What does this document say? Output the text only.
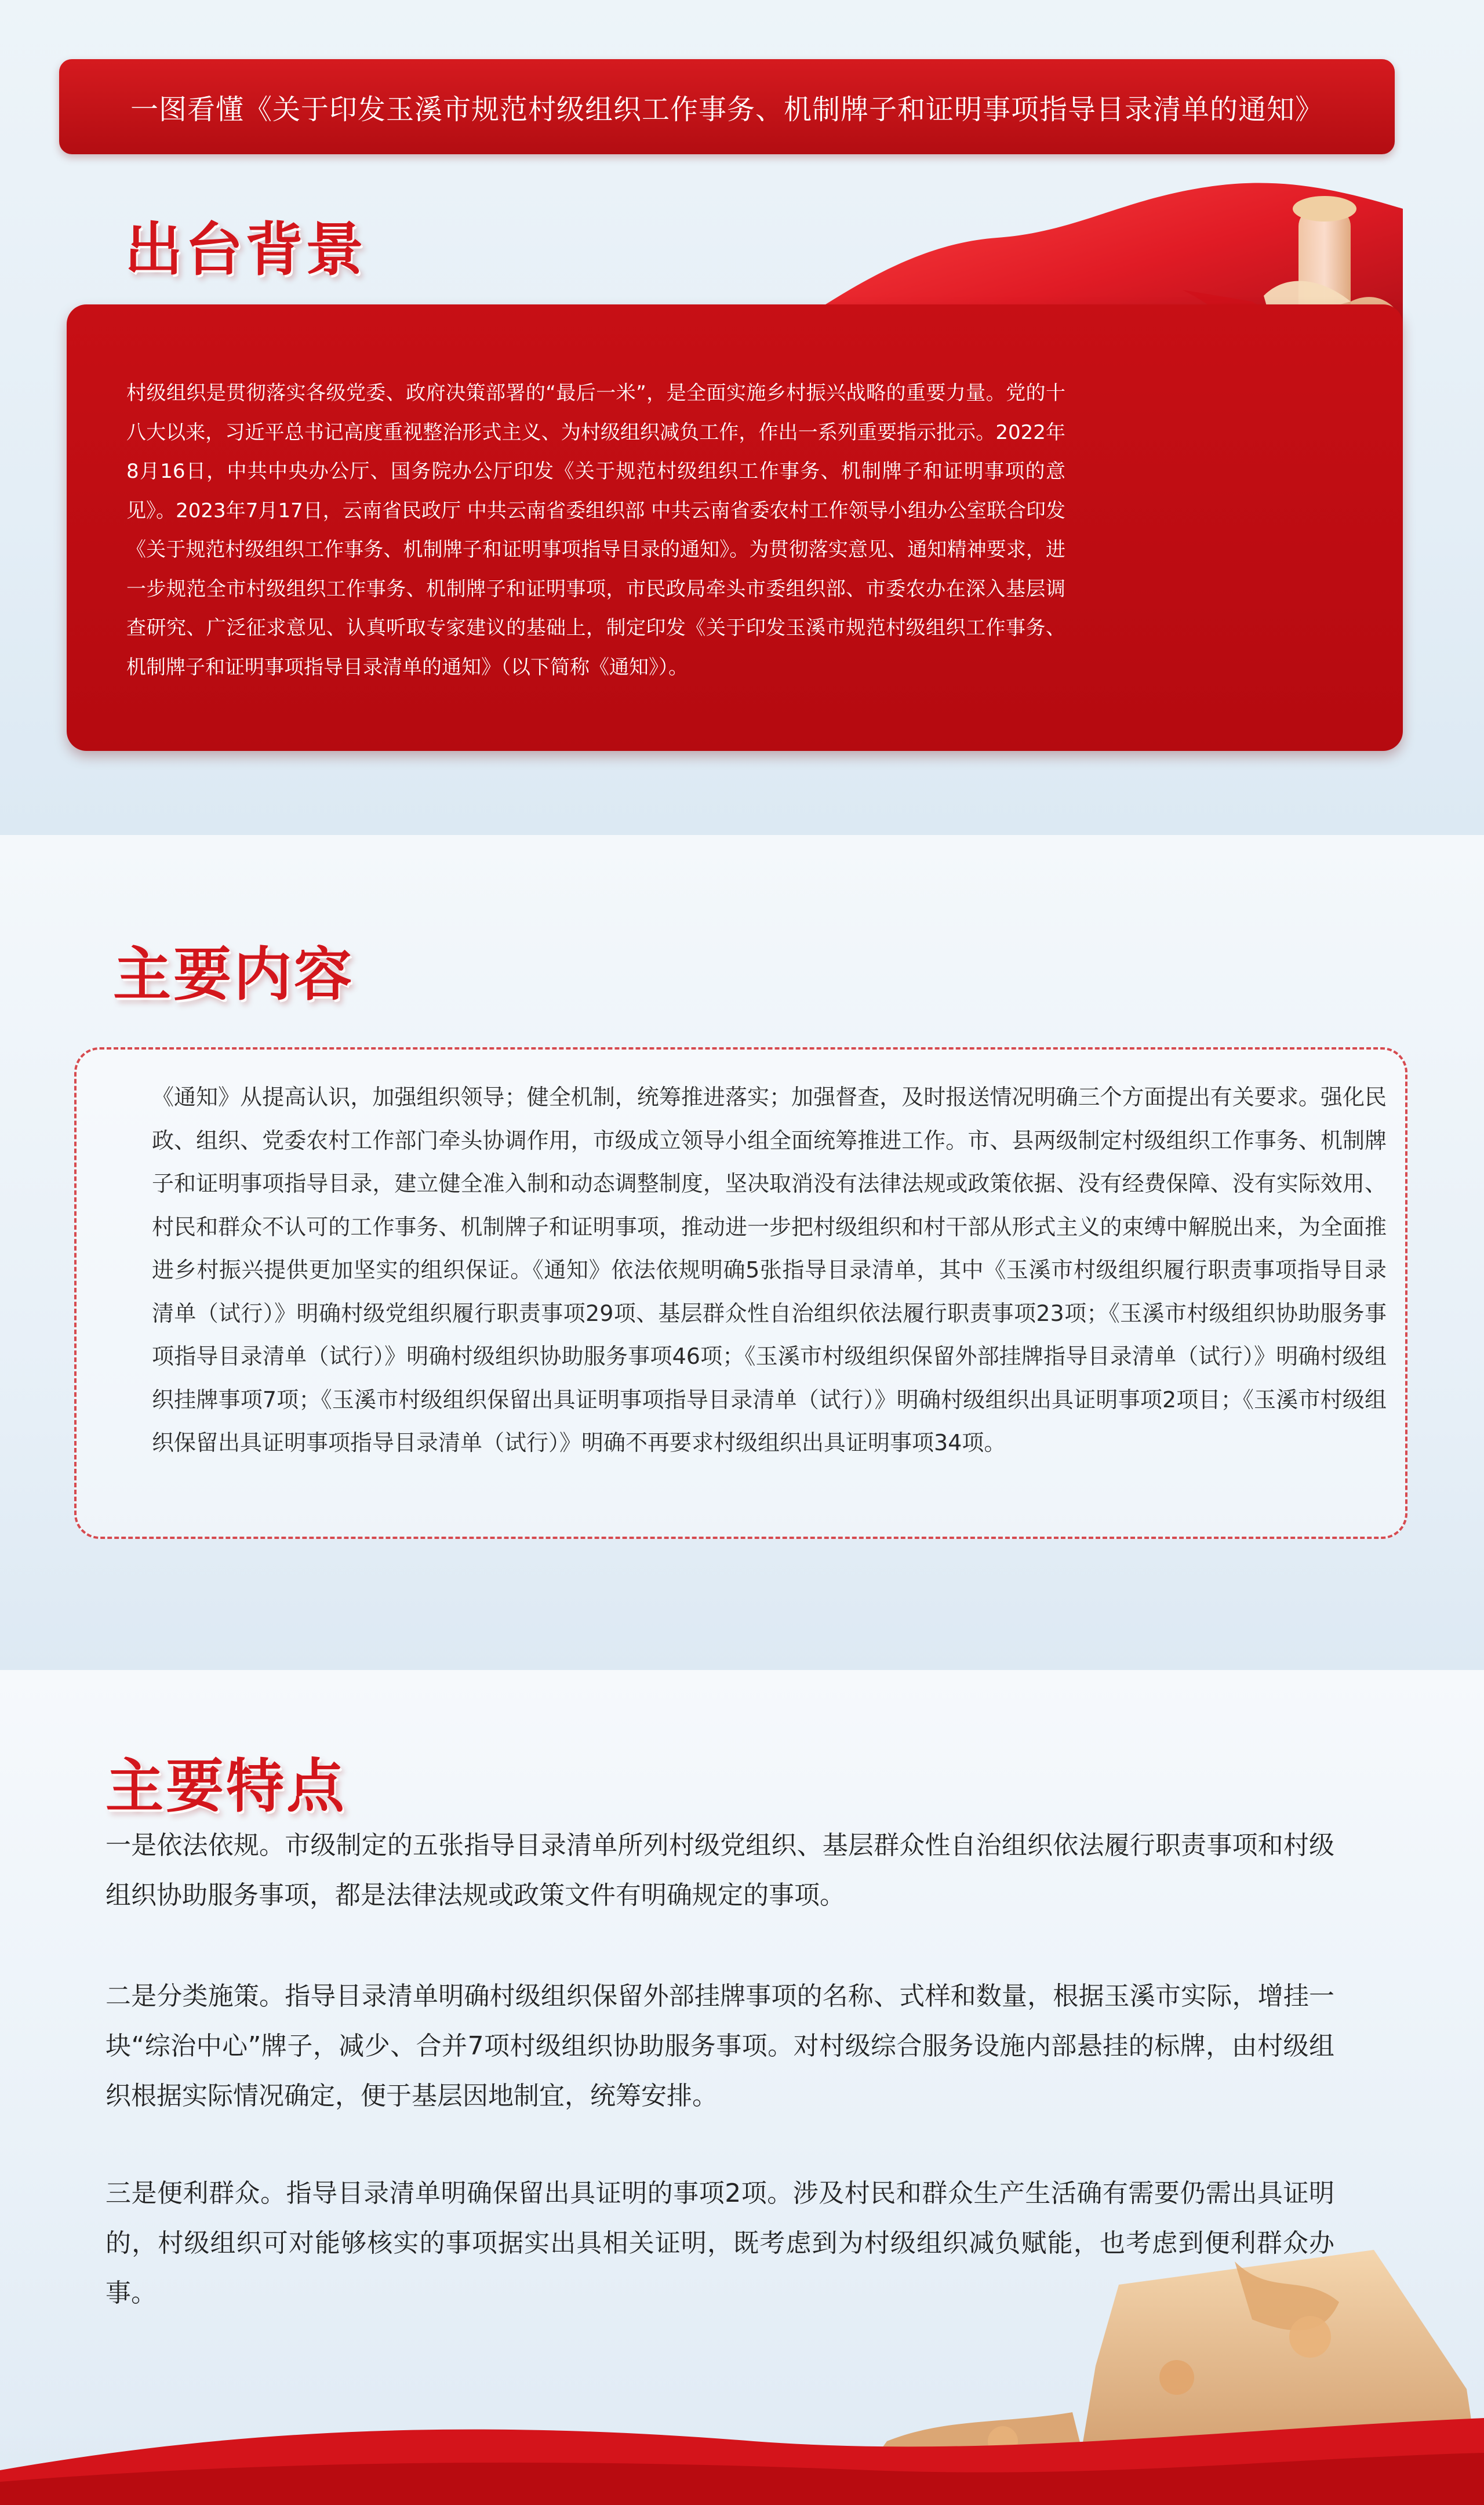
一图看懂《关于印发玉溪市规范村级组织工作事务、机制牌子和证明事项指导目录清单的通知》
出台背景
村级组织是贯彻落实各级党委、政府决策部署的“最后一米”，是全面实施乡村振兴战略的重要力量。党的十八大以来，习近平总书记高度重视整治形式主义、为村级组织减负工作，作出一系列重要指示批示。2022年8月16日，中共中央办公厅、国务院办公厅印发《关于规范村级组织工作事务、机制牌子和证明事项的意见》。2023年7月17日，云南省民政厅 中共云南省委组织部 中共云南省委农村工作领导小组办公室联合印发《关于规范村级组织工作事务、机制牌子和证明事项指导目录的通知》。为贯彻落实意见、通知精神要求，进一步规范全市村级组织工作事务、机制牌子和证明事项，市民政局牵头市委组织部、市委农办在深入基层调查研究、广泛征求意见、认真听取专家建议的基础上，制定印发《关于印发玉溪市规范村级组织工作事务、机制牌子和证明事项指导目录清单的通知》（以下简称《通知》）。
主要内容
《通知》从提高认识，加强组织领导；健全机制，统筹推进落实；加强督查，及时报送情况明确三个方面提出有关要求。强化民政、组织、党委农村工作部门牵头协调作用，市级成立领导小组全面统筹推进工作。市、县两级制定村级组织工作事务、机制牌子和证明事项指导目录，建立健全准入制和动态调整制度，坚决取消没有法律法规或政策依据、没有经费保障、没有实际效用、村民和群众不认可的工作事务、机制牌子和证明事项，推动进一步把村级组织和村干部从形式主义的束缚中解脱出来，为全面推进乡村振兴提供更加坚实的组织保证。《通知》依法依规明确5张指导目录清单，其中《玉溪市村级组织履行职责事项指导目录清单（试行）》明确村级党组织履行职责事项29项、基层群众性自治组织依法履行职责事项23项；《玉溪市村级组织协助服务事项指导目录清单（试行）》明确村级组织协助服务事项46项；《玉溪市村级组织保留外部挂牌指导目录清单（试行）》明确村级组织挂牌事项7项；《玉溪市村级组织保留出具证明事项指导目录清单（试行）》明确村级组织出具证明事项2项目；《玉溪市村级组织保留出具证明事项指导目录清单（试行）》明确不再要求村级组织出具证明事项34项。
主要特点
一是依法依规。市级制定的五张指导目录清单所列村级党组织、基层群众性自治组织依法履行职责事项和村级组织协助服务事项，都是法律法规或政策文件有明确规定的事项。
二是分类施策。指导目录清单明确村级组织保留外部挂牌事项的名称、式样和数量，根据玉溪市实际，增挂一块“综治中心”牌子，减少、合并7项村级组织协助服务事项。对村级综合服务设施内部悬挂的标牌，由村级组织根据实际情况确定，便于基层因地制宜，统筹安排。
三是便利群众。指导目录清单明确保留出具证明的事项2项。涉及村民和群众生产生活确有需要仍需出具证明的，村级组织可对能够核实的事项据实出具相关证明，既考虑到为村级组织减负赋能，也考虑到便利群众办事。
